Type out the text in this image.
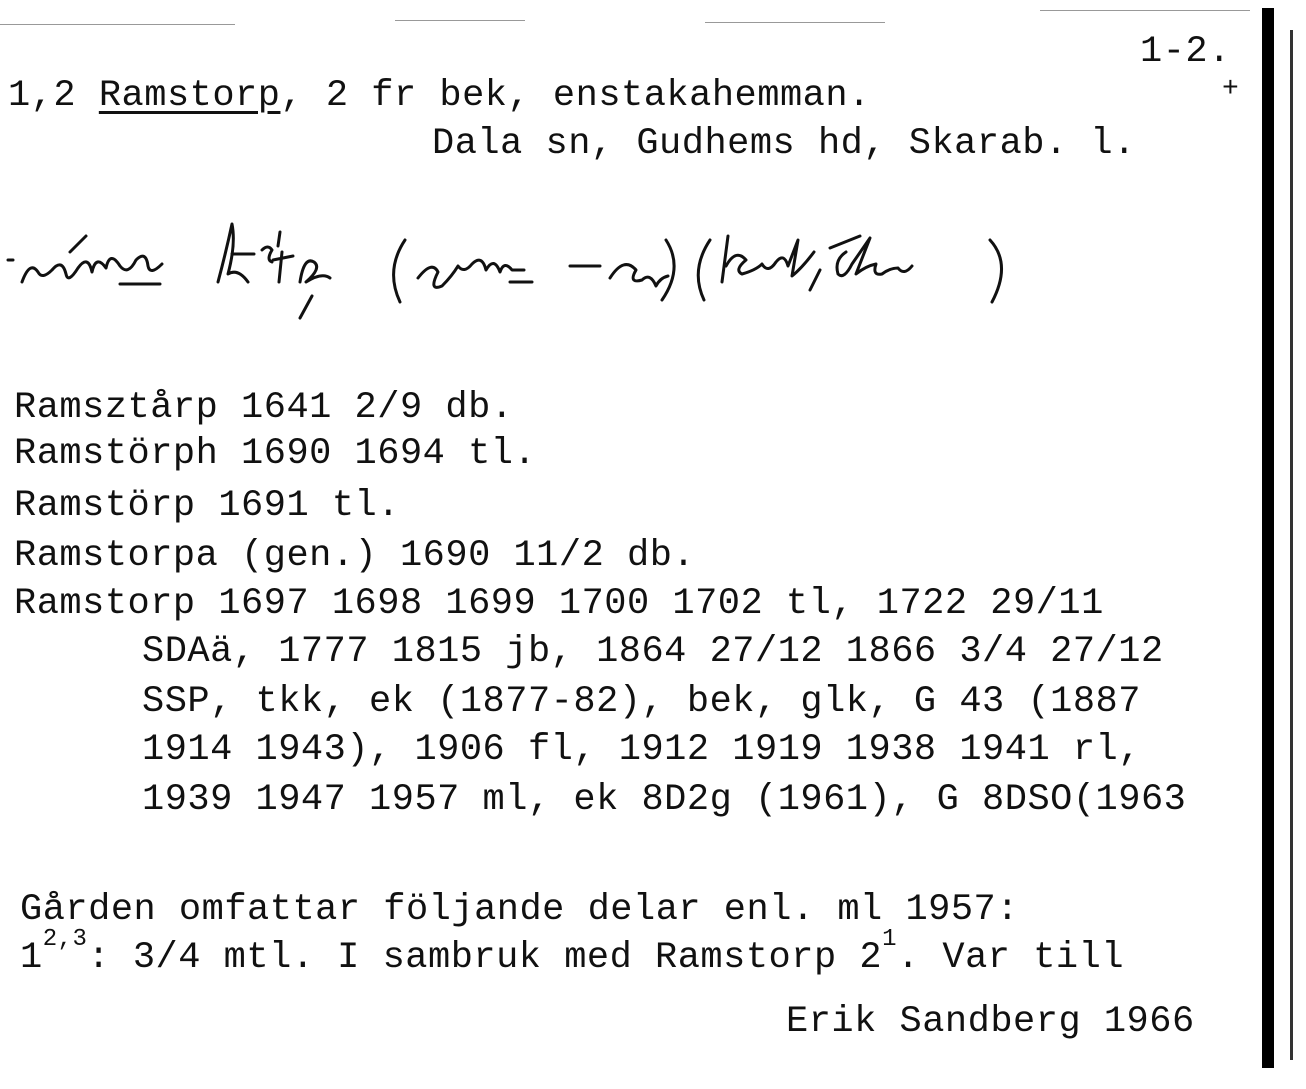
1-2.
+
1,2 Ramstorp, 2 fr bek, enstakahemman.
Dala sn, Gudhems hd, Skarab. l.
Ramsztårp 1641 2/9 db.
Ramstörph 1690 1694 tl.
Ramstörp 1691 tl.
Ramstorpa (gen.) 1690 11/2 db.
Ramstorp 1697 1698 1699 1700 1702 tl, 1722 29/11
SDAä, 1777 1815 jb, 1864 27/12 1866 3/4 27/12
SSP, tkk, ek (1877-82), bek, glk, G 43 (1887
1914 1943), 1906 fl, 1912 1919 1938 1941 rl,
1939 1947 1957 ml, ek 8D2g (1961), G 8DSO(1963
Gården omfattar följande delar enl. ml 1957:
1$^{2,3}$: 3/4 mtl. I sambruk med Ramstorp $2^1$. Var till
Erik Sandberg 1966
